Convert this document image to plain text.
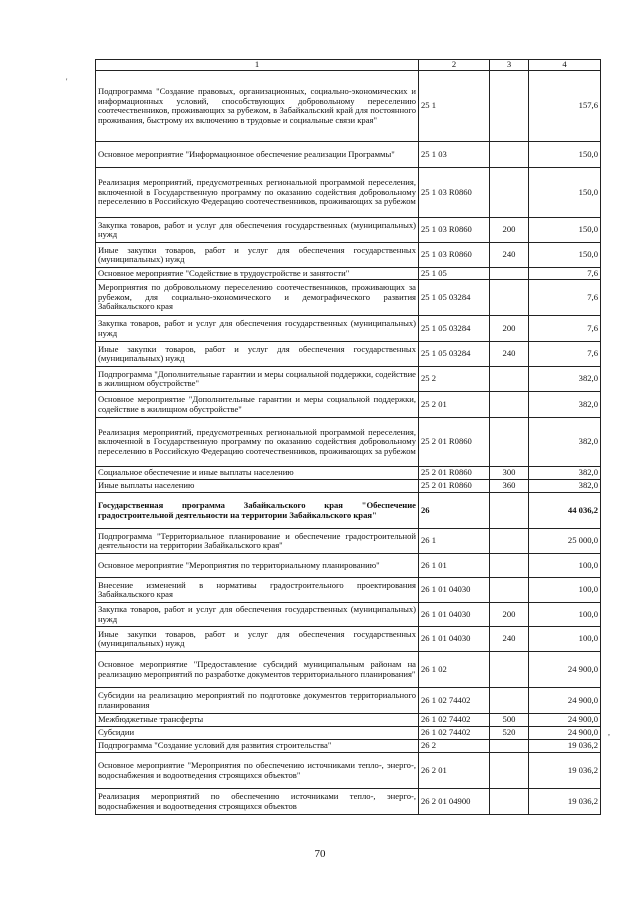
'
,
1	2	3	4
Подпрограмма "Создание правовых, организационных, социально-экономических и информационных условий, способствующих добровольному переселению соотечественников, проживающих за рубежом, в Забайкальский край для постоянного проживания, быстрому их включению в трудовые и социальные связи края"	25 1		157,6
Основное мероприятие "Информационное обеспечение реализации Программы"	25 1 03		150,0
Реализация мероприятий, предусмотренных региональной программой переселения, включенной в Государственную программу по оказанию содействия добровольному переселению в Российскую Федерацию соотечественников, проживающих за рубежом	25 1 03 R0860		150,0
Закупка товаров, работ и услуг для обеспечения государственных (муниципальных) нужд	25 1 03 R0860	200	150,0
Иные закупки товаров, работ и услуг для обеспечения государственных (муниципальных) нужд	25 1 03 R0860	240	150,0
Основное мероприятие "Содействие в трудоустройстве и занятости"	25 1 05		7,6
Мероприятия по добровольному переселению соотечественников, проживающих за рубежом, для социально-экономического и демографического развития Забайкальского края	25 1 05 03284		7,6
Закупка товаров, работ и услуг для обеспечения государственных (муниципальных) нужд	25 1 05 03284	200	7,6
Иные закупки товаров, работ и услуг для обеспечения государственных (муниципальных) нужд	25 1 05 03284	240	7,6
Подпрограмма "Дополнительные гарантии и меры социальной поддержки, содействие в жилищном обустройстве"	25 2		382,0
Основное мероприятие "Дополнительные гарантии и меры социальной поддержки, содействие в жилищном обустройстве"	25 2 01		382,0
Реализация мероприятий, предусмотренных региональной программой переселения, включенной в Государственную программу по оказанию содействия добровольному переселению в Российскую Федерацию соотечественников, проживающих за рубежом	25 2 01 R0860		382,0
Социальное обеспечение и иные выплаты населению	25 2 01 R0860	300	382,0
Иные выплаты населению	25 2 01 R0860	360	382,0
Государственная программа Забайкальского края "Обеспечение градостроительной деятельности на территории Забайкальского края"	26		44 036,2
Подпрограмма "Территориальное планирование и обеспечение градостроительной деятельности на территории Забайкальского края"	26 1		25 000,0
Основное мероприятие "Мероприятия по территориальному планированию"	26 1 01		100,0
Внесение изменений в нормативы градостроительного проектирования Забайкальского края	26 1 01 04030		100,0
Закупка товаров, работ и услуг для обеспечения государственных (муниципальных) нужд	26 1 01 04030	200	100,0
Иные закупки товаров, работ и услуг для обеспечения государственных (муниципальных) нужд	26 1 01 04030	240	100,0
Основное мероприятие "Предоставление субсидий муниципальным районам на реализацию мероприятий по разработке документов территориального планирования"	26 1 02		24 900,0
Субсидии на реализацию мероприятий по подготовке документов территориального планирования	26 1 02 74402		24 900,0
Межбюджетные трансферты	26 1 02 74402	500	24 900,0
Субсидии	26 1 02 74402	520	24 900,0
Подпрограмма "Создание условий для развития строительства"	26 2		19 036,2
Основное мероприятие "Мероприятия по обеспечению источниками тепло-, энерго-, водоснабжения и водоотведения строящихся объектов"	26 2 01		19 036,2
Реализация мероприятий по обеспечению источниками тепло-, энерго-, водоснабжения и водоотведения строящихся объектов	26 2 01 04900		19 036,2
70
